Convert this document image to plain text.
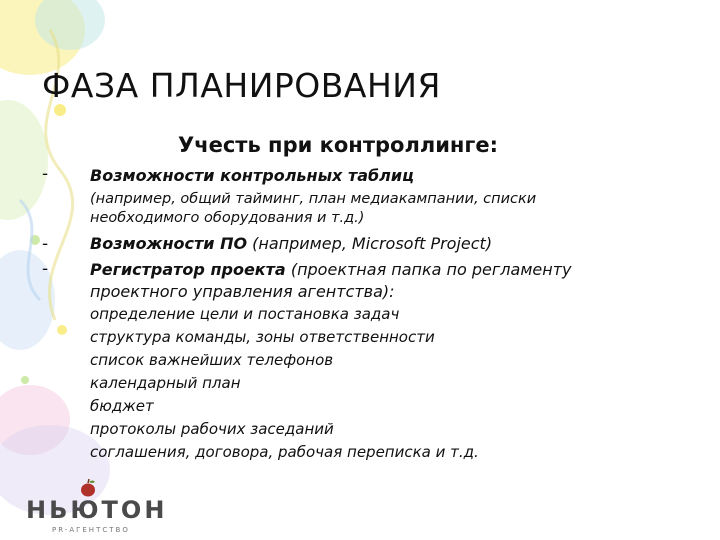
ФАЗА ПЛАНИРОВАНИЯ
Учесть при контроллинге:
-	Возможности контрольных таблиц
(например, общий тайминг, план медиакампании, списки необходимого оборудования и т.д.)
-	Возможности ПО (например, Microsoft Project)
-	Регистратор проекта (проектная папка по регламенту проектного управления агентства):
определение цели и постановка задач
структура команды, зоны ответственности
список важнейших телефонов
календарный план
бюджет
протоколы рабочих заседаний
соглашения, договора, рабочая переписка и т.д.
НЬЮТОН
PR-АГЕНТСТВО
